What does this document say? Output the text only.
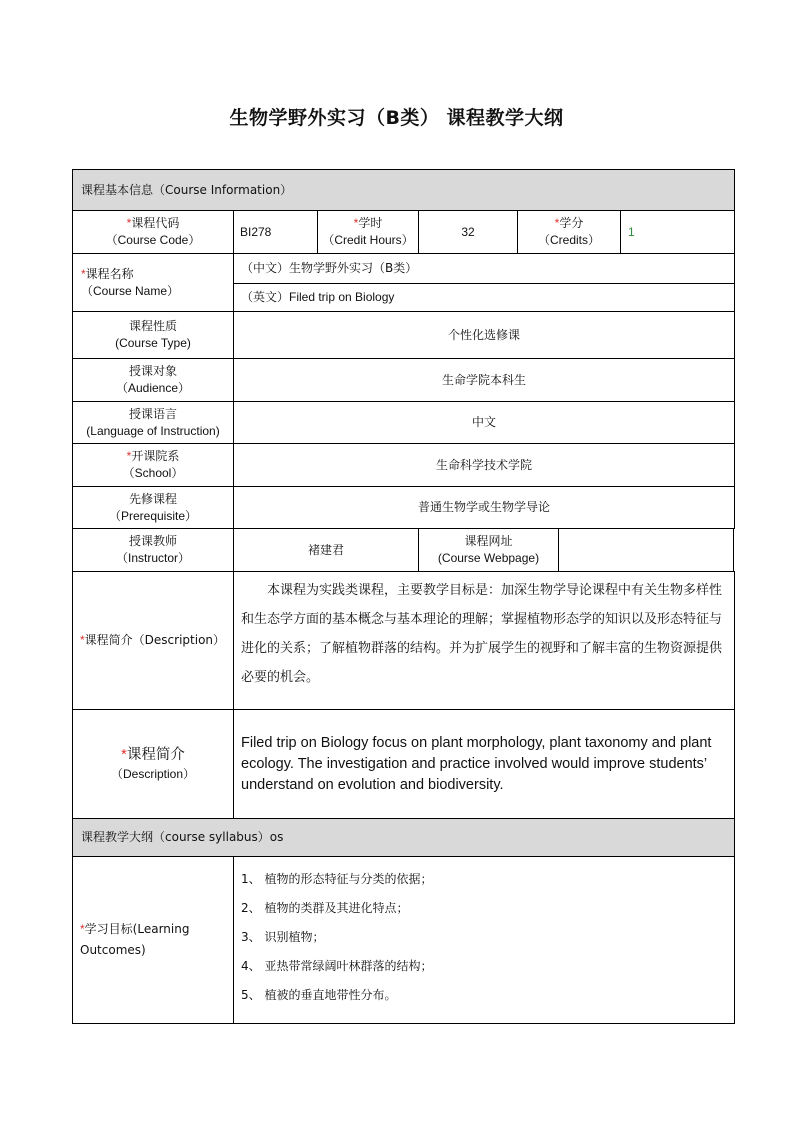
生物学野外实习（B类） 课程教学大纲
课程基本信息（Course Information）
*课程代码
（Course Code）
BI278
*学时
（Credit Hours）
32
*学分
（Credits）
1
*课程名称
（Course Name）
（中文）生物学野外实习（B类）
（英文）Filed trip on Biology
课程性质
(Course Type)
个性化选修课
授课对象
（Audience）
生命学院本科生
授课语言
(Language of Instruction)
中文
*开课院系
（School）
生命科学技术学院
先修课程
（Prerequisite）
普通生物学或生物学导论
授课教师
（Instructor）
褚建君
课程网址
(Course Webpage)
*课程简介（Description）
本课程为实践类课程，主要教学目标是：加深生物学导论课程中有关生物多样性和生态学方面的基本概念与基本理论的理解；掌握植物形态学的知识以及形态特征与进化的关系；了解植物群落的结构。并为扩展学生的视野和了解丰富的生物资源提供必要的机会。
*课程简介
（Description）
Filed trip on Biology focus on plant morphology, plant taxonomy and plant ecology. The investigation and practice involved would improve students’ understand on evolution and biodiversity.
课程教学大纲（course syllabus）os
*学习目标(Learning Outcomes)
1、 植物的形态特征与分类的依据；
2、 植物的类群及其进化特点；
3、 识别植物；
4、 亚热带常绿阔叶林群落的结构；
5、 植被的垂直地带性分布。
